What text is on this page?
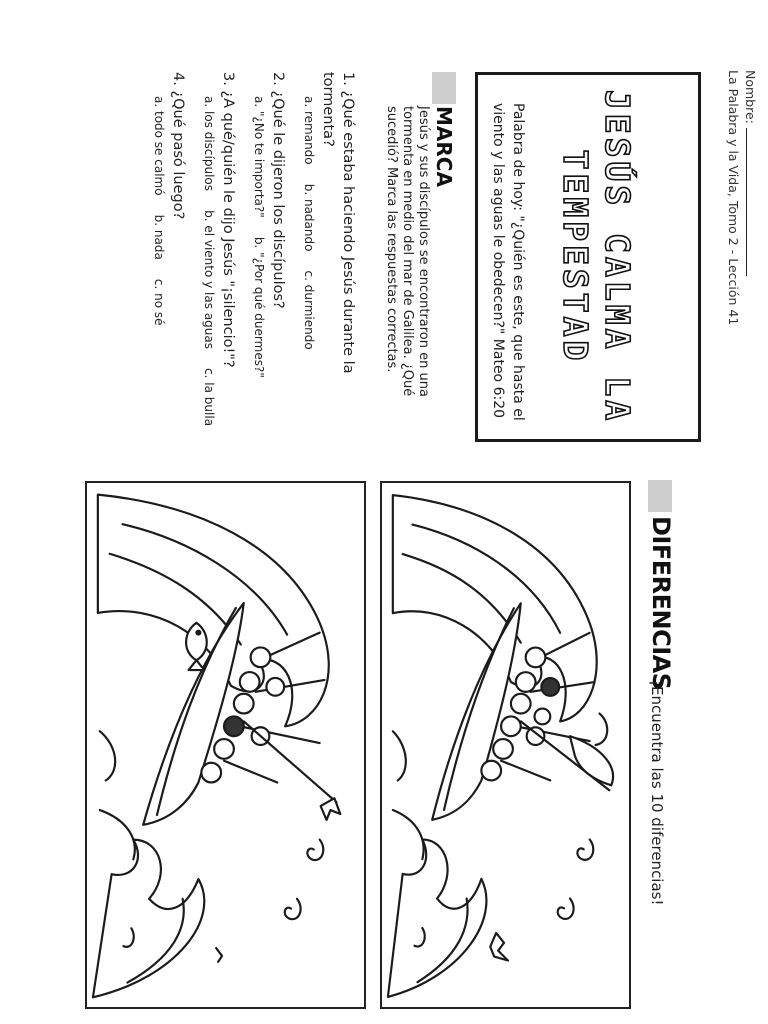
Nombre:
La Palabra y la Vida, Tomo 2 - Lección 41
JESÚS CALMA LA
TEMPESTAD
Palabra de hoy: "¿Quién es este, que hasta el viento y las aguas le obedecen?" Mateo 6:20
MARCA
Jesús y sus discípulos se encontraron en una tormenta en medio del mar de Galilea. ¿Qué sucedió? Marca las respuestas correctas.
1. ¿Qué estaba haciendo Jesús durante la tormenta?
a. remando     b. nadando     c. durmiendo
2. ¿Qué le dijeron los discípulos?
a. "¿No te importa?"     b. "¿Por qué duermes?"
3. ¿A qué/quién le dijo Jesús "¡silencio!"?
a. los discípulos     b. el viento y las aguas     c. la bulla
4. ¿Qué pasó luego?
a. todo se calmó     b. nada     c. no sé
DIFERENCIAS
¡Encuentra las 10 diferencias!
